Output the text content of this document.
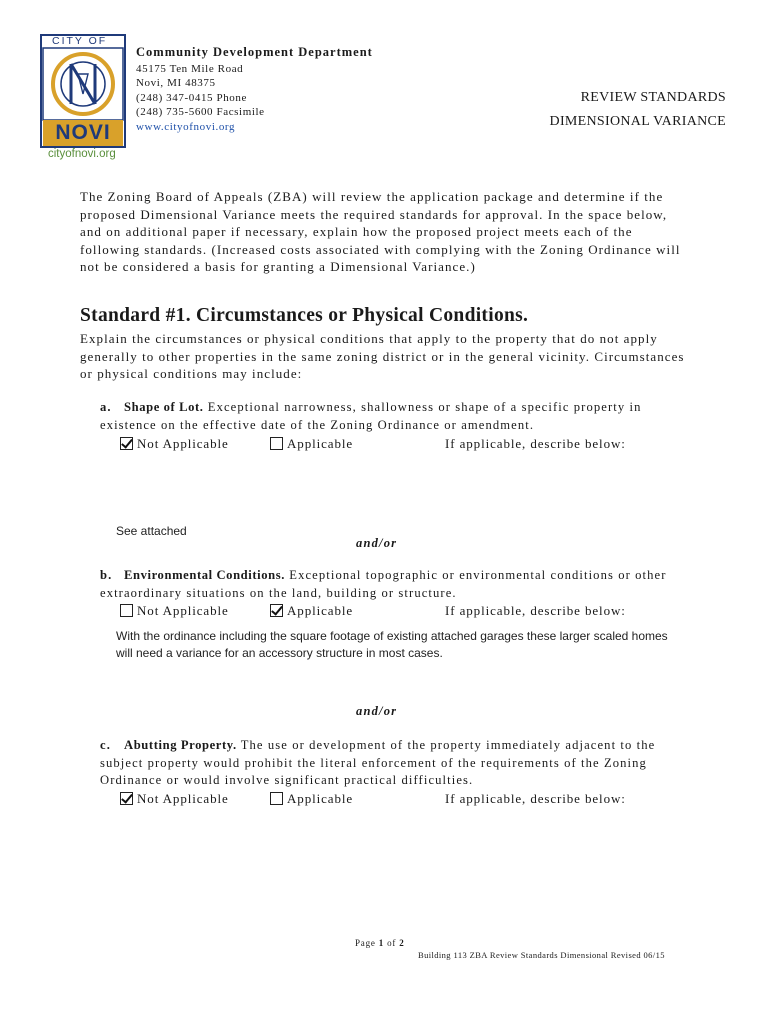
CITY OF
NOVI
cityofnovi.org
Community Development Department
45175 Ten Mile Road
Novi, MI 48375
(248) 347-0415 Phone
(248) 735-5600 Facsimile
www.cityofnovi.org
REVIEW STANDARDS
DIMENSIONAL VARIANCE
The Zoning Board of Appeals (ZBA) will review the application package and determine if the proposed Dimensional Variance meets the required standards for approval. In the space below, and on additional paper if necessary, explain how the proposed project meets each of the following standards. (Increased costs associated with complying with the Zoning Ordinance will not be considered a basis for granting a Dimensional Variance.)
Standard #1. Circumstances or Physical Conditions.
Explain the circumstances or physical conditions that apply to the property that do not apply generally to other properties in the same zoning district or in the general vicinity. Circumstances or physical conditions may include:
a. Shape of Lot. Exceptional narrowness, shallowness or shape of a specific property in existence on the effective date of the Zoning Ordinance or amendment.
Not Applicable	Applicable	If applicable, describe below:
See attached
and/or
b. Environmental Conditions. Exceptional topographic or environmental conditions or other extraordinary situations on the land, building or structure.
Not Applicable	Applicable	If applicable, describe below:
With the ordinance including the square footage of existing attached garages these larger scaled homes will need a variance for an accessory structure in most cases.
and/or
c. Abutting Property. The use or development of the property immediately adjacent to the subject property would prohibit the literal enforcement of the requirements of the Zoning Ordinance or would involve significant practical difficulties.
Not Applicable	Applicable	If applicable, describe below:
Page 1 of 2
Building 113 ZBA Review Standards Dimensional Revised 06/15
